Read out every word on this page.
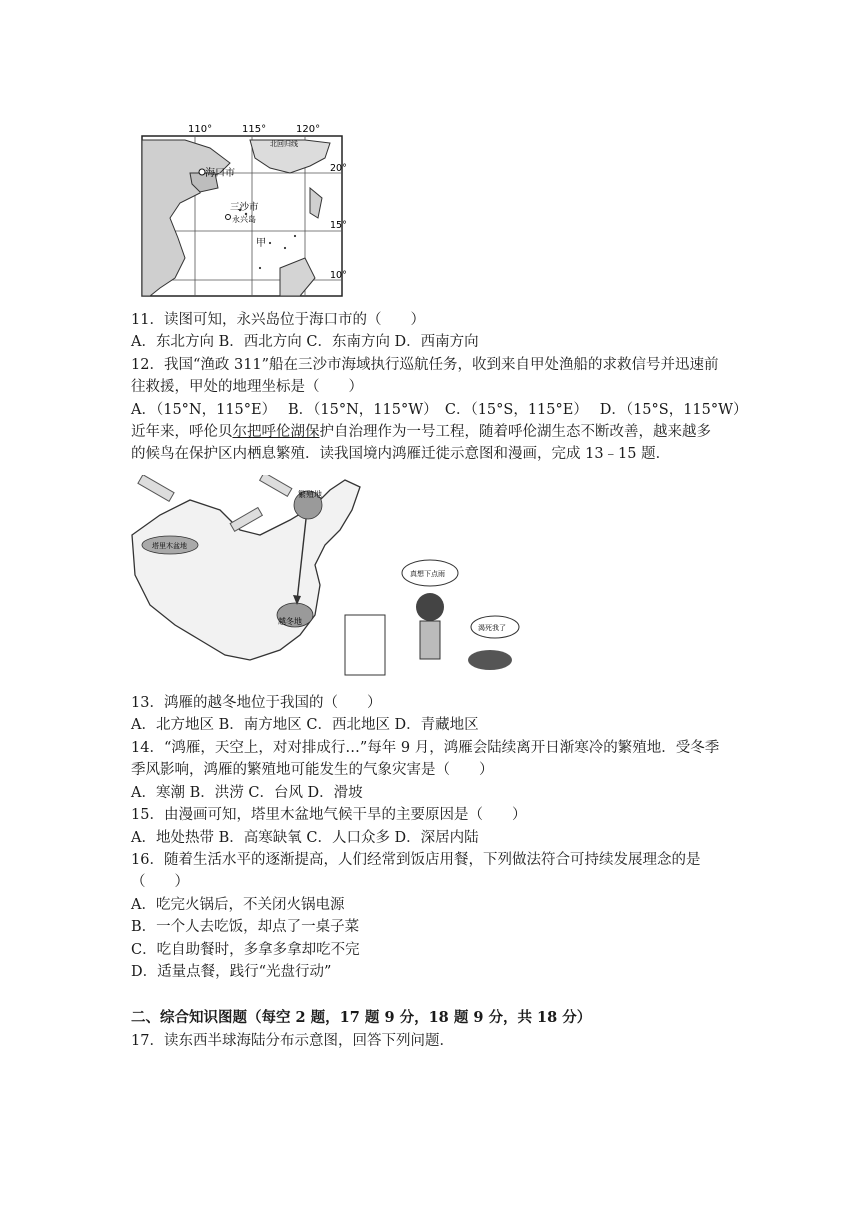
110°	115°	120°
20°
15°
10°
海口市
三沙市
永兴岛
甲
北回归线
11．读图可知，永兴岛位于海口市的（　　）
A．东北方向 B．西北方向 C．东南方向 D．西南方向
12．我国“渔政 311”船在三沙市海域执行巡航任务，收到来自甲处渔船的求救信号并迅速前
往救援，甲处的地理坐标是（　　）
A．（15°N，115°E）　 B．（15°N，115°W）　C．（15°S，115°E）　 D．（15°S，115°W）
近年来，呼伦贝尔把呼伦湖保护自治理作为一号工程，随着呼伦湖生态不断改善，越来越多
的候鸟在保护区内栖息繁殖．读我国境内鸿雁迁徙示意图和漫画，完成 13﹣15 题．
塔里木盆地
繁殖地
越冬地
真想下点雨
渴死我了
13．鸿雁的越冬地位于我国的（　　）
A．北方地区 B．南方地区 C．西北地区 D．青藏地区
14．“鸿雁，天空上，对对排成行…”每年 9 月，鸿雁会陆续离开日渐寒冷的繁殖地．受冬季
季风影响，鸿雁的繁殖地可能发生的气象灾害是（　　）
A．寒潮 B．洪涝 C．台风 D．滑坡
15．由漫画可知，塔里木盆地气候干旱的主要原因是（　　）
A．地处热带 B．高寒缺氧 C．人口众多 D．深居内陆
16．随着生活水平的逐渐提高，人们经常到饭店用餐，下列做法符合可持续发展理念的是
（　　）
A．吃完火锅后，不关闭火锅电源
B．一个人去吃饭，却点了一桌子菜
C．吃自助餐时，多拿多拿却吃不完
D．适量点餐，践行“光盘行动”
二、综合知识图题（每空 2 题，17 题 9 分，18 题 9 分，共 18 分）
17．读东西半球海陆分布示意图，回答下列问题．
